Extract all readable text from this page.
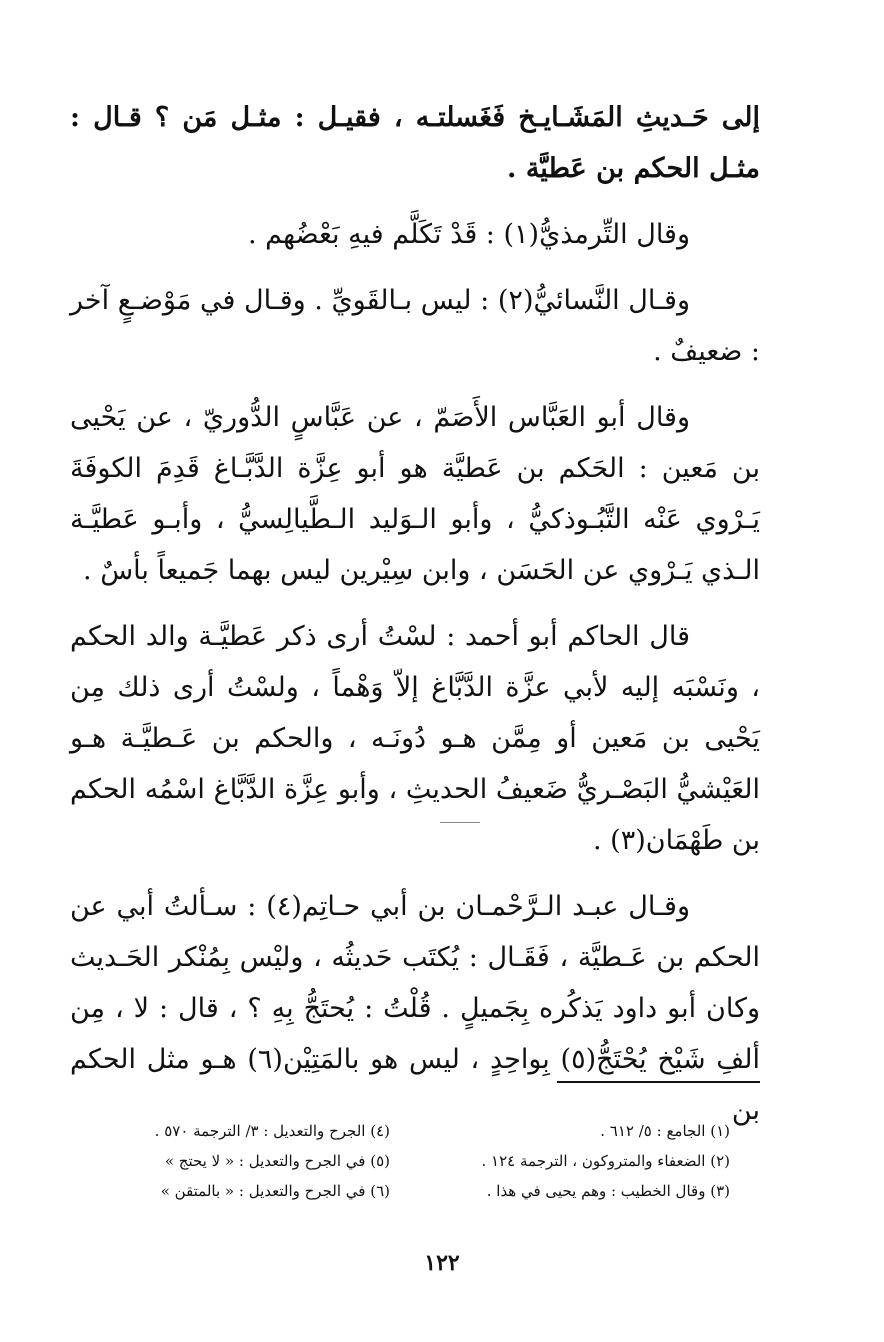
إلى حَـديثِ المَشَـايـخ فَغَسلتـه ، فقيـل : مثـل مَن ؟ قـال : مثـل الحكم بن عَطيَّة .

وقال التِّرمذيُّ(١) : قَدْ تَكَلَّم فيهِ بَعْضُهم .

وقـال النَّسائيُّ(٢) : ليس بـالقَويِّ . وقـال في مَوْضـعٍ آخر : ضعيفٌ .

وقال أبو العَبَّاس الأَصَمّ ، عن عَبَّاسٍ الدُّوريّ ، عن يَحْيى بن مَعين : الحَكم بن عَطيَّة هو أبو عِزَّة الدَّبَّـاغ قَدِمَ الكوفَةَ يَـرْوي عَنْه التَّبُـوذكيُّ ، وأبو الـوَليد الـطَّيالِسيُّ ، وأبـو عَطيَّـة الـذي يَـرْوي عن الحَسَن ، وابن سِيْرين ليس بهما جَميعاً بأسٌ .

قال الحاكم أبو أحمد : لسْتُ أرى ذكر عَطيَّـة والد الحكم ، ونَسْبَه إليه لأبي عزَّة الدَّبَّاغ إلاّ وَهْماً ، ولسْتُ أرى ذلك مِن يَحْيى بن مَعين أو مِمَّن هـو دُونَـه ، والحكم بن عَـطيَّـة هـو العَيْشيُّ البَصْـريُّ ضَعيفُ الحديثِ ، وأبو عِزَّة الدَّبَّاغ اسْمُه الحكم بن طَهْمَان(٣) .

وقـال عبـد الـرَّحْمـان بن أبي حـاتِم(٤) : سـألتُ أبي عن الحكم بن عَـطيَّة ، فَقَـال : يُكتَب حَديثُه ، وليْس بِمُنْكر الحَـديث وكان أبو داود يَذكُره بِجَميلٍ . قُلْتُ : يُحتَجُّ بِهِ ؟ ، قال : لا ، مِن ألفِ شَيْخ يُحْتَجُّ(٥) بِواحِدٍ ، ليس هو بالمَتِيْن(٦) هـو مثل الحكم بن

(١) الجامع : ٥/ ٦١٢ .
(٤) الجرح والتعديل : ٣/ الترجمة ٥٧٠ .
(٢) الضعفاء والمتروكون ، الترجمة ١٢٤ .
(٥) في الجرح والتعديل : « لا يحتج »
(٣) وقال الخطيب : وهم يحيى في هذا .
(٦) في الجرح والتعديل : « بالمتقن »
١٢٢
